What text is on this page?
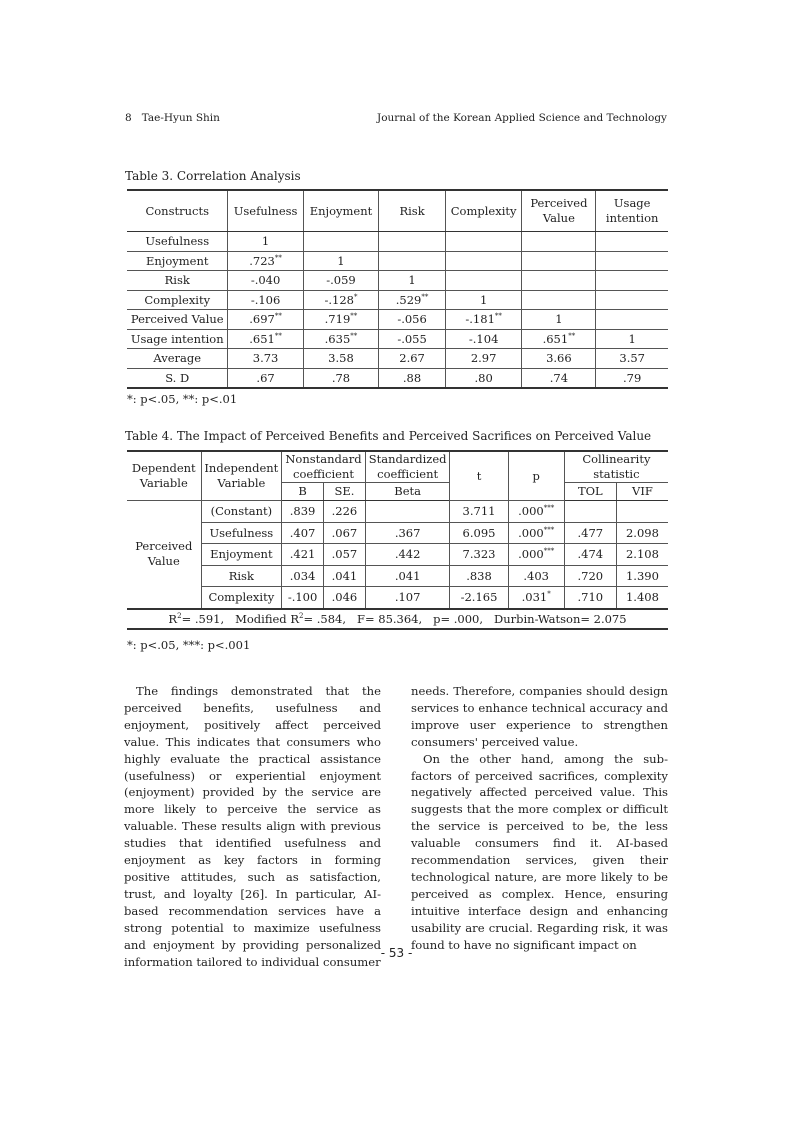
8   Tae-Hyun Shin	Journal of the Korean Applied Science and Technology
Table 3. Correlation Analysis
Constructs	Usefulness	Enjoyment	Risk	Complexity	Perceived Value	Usage intention
Usefulness	1					
Enjoyment	.723**	1				
Risk	-.040	-.059	1			
Complexity	-.106	-.128*	.529**	1		
Perceived Value	.697**	.719**	-.056	-.181**	1	
Usage intention	.651**	.635**	-.055	-.104	.651**	1
Average	3.73	3.58	2.67	2.97	3.66	3.57
S. D	.67	.78	.88	.80	.74	.79
*: p<.05, **: p<.01
Table 4. The Impact of Perceived Benefits and Perceived Sacrifices on Perceived Value
Dependent Variable	Independent Variable	Nonstandard coefficient		Standardized coefficient	t	p	Collinearity statistic	
		B	SE.	Beta			TOL	VIF
Perceived Value	(Constant)	.839	.226		3.711	.000***		
	Usefulness	.407	.067	.367	6.095	.000***	.477	2.098
	Enjoyment	.421	.057	.442	7.323	.000***	.474	2.108
	Risk	.034	.041	.041	.838	.403	.720	1.390
	Complexity	-.100	.046	.107	-2.165	.031*	.710	1.408
$R^2= .591$,   Modified $R^2= .584$,   F= 85.364,   p= .000,   Durbin-Watson= 2.075								
*: p<.05, ***: p<.001

The findings demonstrated that the perceived benefits, usefulness and enjoyment, positively affect perceived value. This indicates that consumers who highly evaluate the practical assistance (usefulness) or experiential enjoyment (enjoyment) provided by the service are more likely to perceive the service as valuable. These results align with previous studies that identified usefulness and enjoyment as key factors in forming positive attitudes, such as satisfaction, trust, and loyalty [26]. In particular, AI-based recommendation services have a strong potential to maximize usefulness and enjoyment by providing personalized information tailored to individual consumer

needs. Therefore, companies should design services to enhance technical accuracy and improve user experience to strengthen consumers' perceived value.

On the other hand, among the sub-factors of perceived sacrifices, complexity negatively affected perceived value. This suggests that the more complex or difficult the service is perceived to be, the less valuable consumers find it. AI-based recommendation services, given their technological nature, are more likely to be perceived as complex. Hence, ensuring intuitive interface design and enhancing usability are crucial. Regarding risk, it was found to have no significant impact on

- 53 -
